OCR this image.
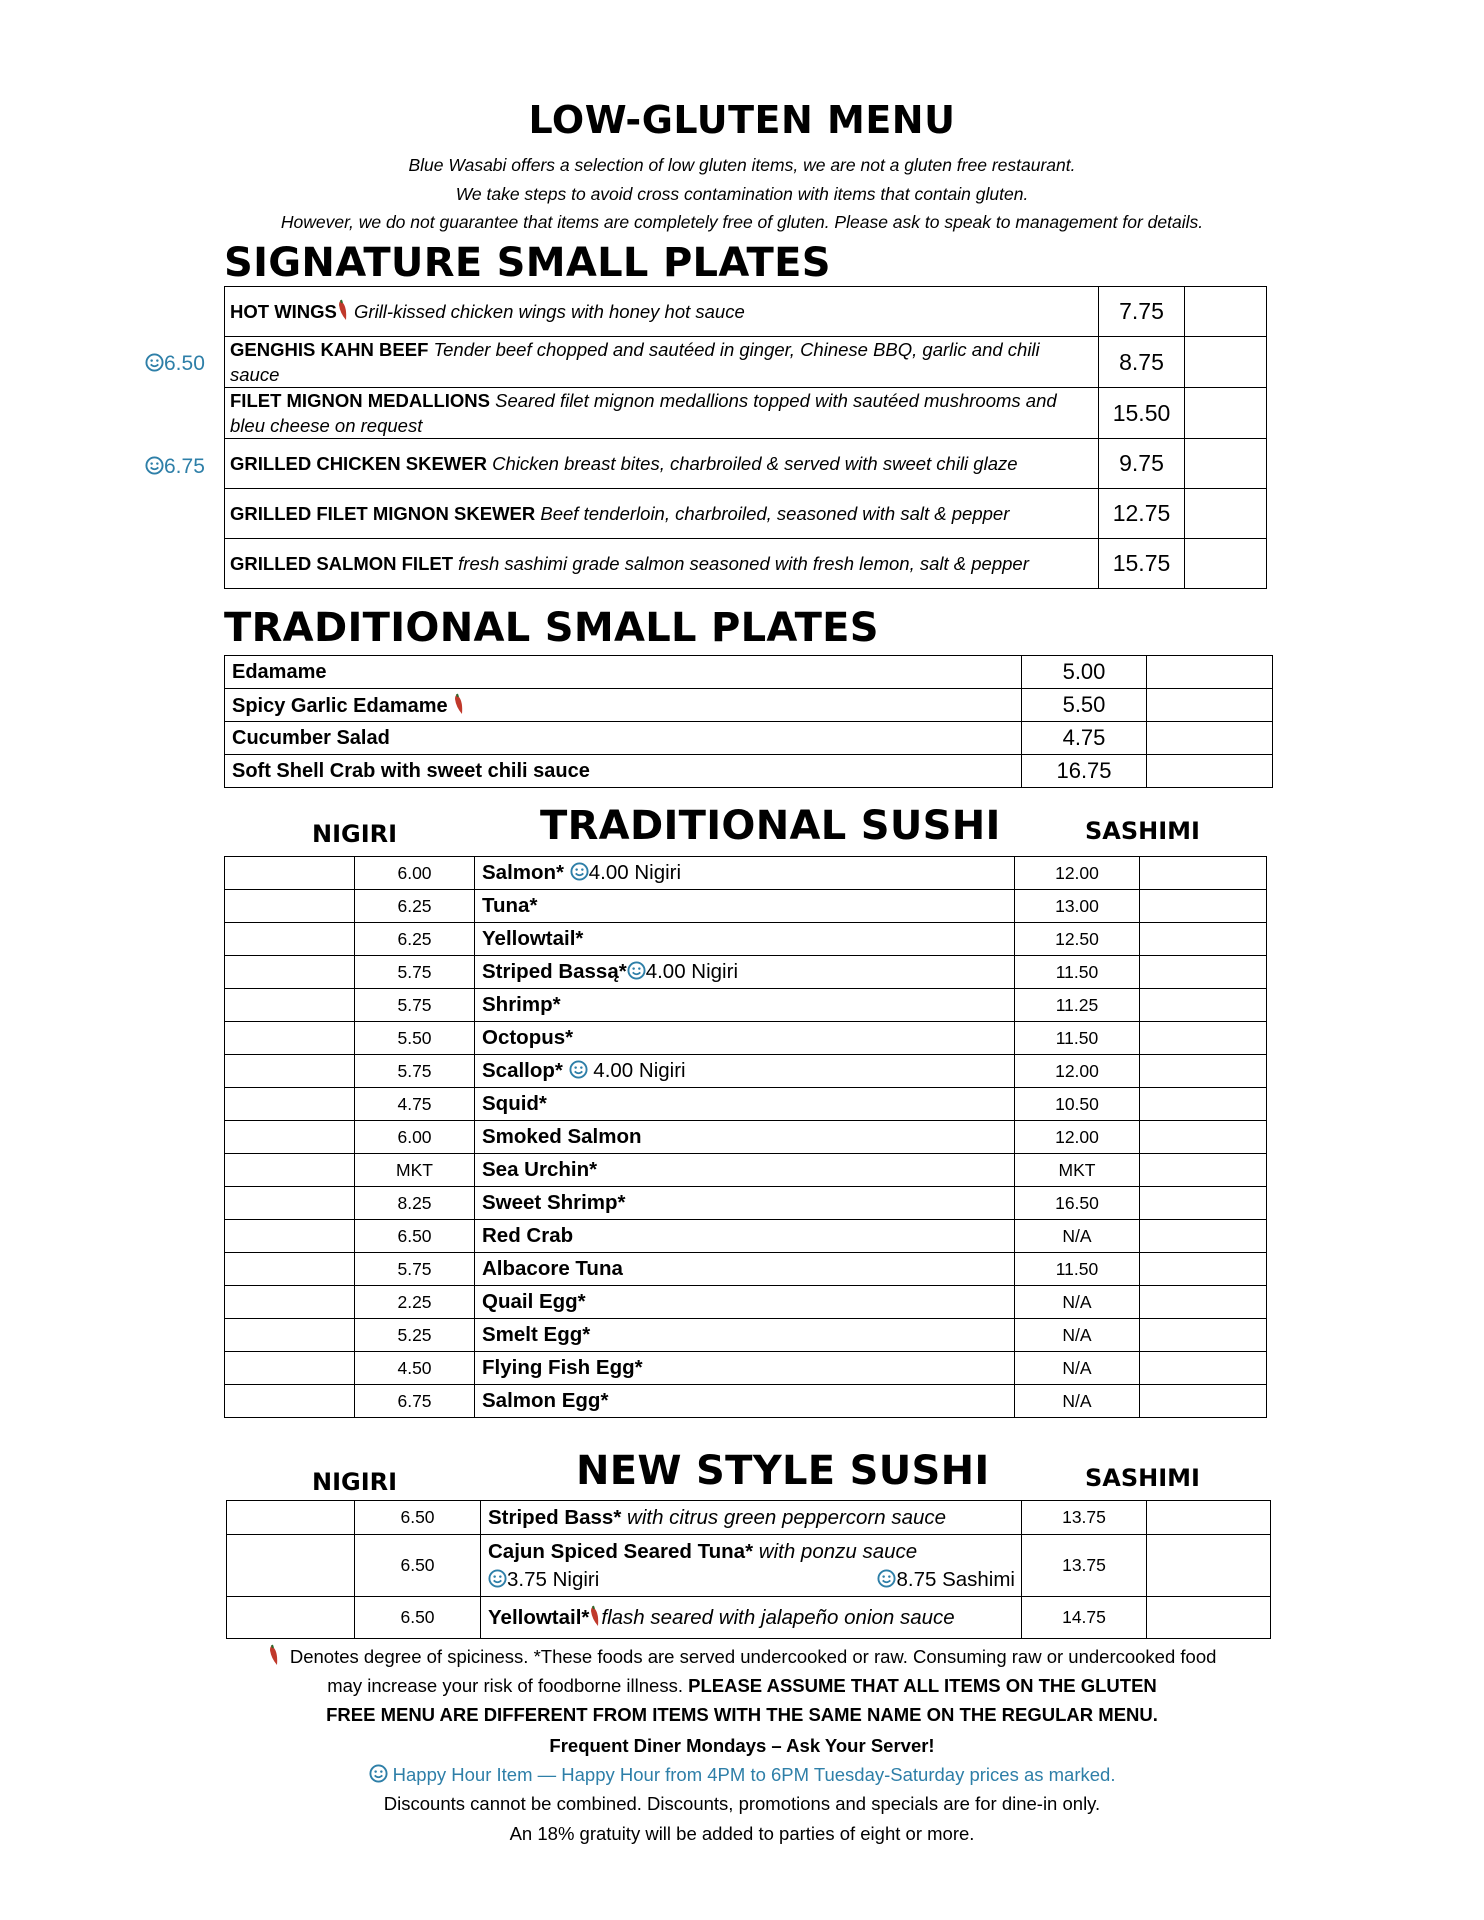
LOW-GLUTEN MENU
Blue Wasabi offers a selection of low gluten items, we are not a gluten free restaurant.
We take steps to avoid cross contamination with items that contain gluten.
However, we do not guarantee that items are completely free of gluten. Please ask to speak to management for details.
SIGNATURE SMALL PLATES
6.50
6.75
HOT WINGS Grill-kissed chicken wings with honey hot sauce	7.75	
GENGHIS KAHN BEEF Tender beef chopped and sautéed in ginger, Chinese BBQ, garlic and chili sauce	8.75	
FILET MIGNON MEDALLIONS Seared filet mignon medallions topped with sautéed mushrooms and bleu cheese on request	15.50	
GRILLED CHICKEN SKEWER Chicken breast bites, charbroiled & served with sweet chili glaze	9.75	
GRILLED FILET MIGNON SKEWER Beef tenderloin, charbroiled, seasoned with salt & pepper	12.75	
GRILLED SALMON FILET fresh sashimi grade salmon seasoned with fresh lemon, salt & pepper	15.75	
TRADITIONAL SMALL PLATES
Edamame	5.00	
Spicy Garlic Edamame	5.50	
Cucumber Salad	4.75	
Soft Shell Crab with sweet chili sauce	16.75	
NIGIRI	TRADITIONAL SUSHI	SASHIMI
	6.00	Salmon* 4.00 Nigiri	12.00	
	6.25	Tuna*	13.00	
	6.25	Yellowtail*	12.50	
	5.75	Striped Bassą* 4.00 Nigiri	11.50	
	5.75	Shrimp*	11.25	
	5.50	Octopus*	11.50	
	5.75	Scallop* 4.00 Nigiri	12.00	
	4.75	Squid*	10.50	
	6.00	Smoked Salmon	12.00	
	MKT	Sea Urchin*	MKT	
	8.25	Sweet Shrimp*	16.50	
	6.50	Red Crab	N/A	
	5.75	Albacore Tuna	11.50	
	2.25	Quail Egg*	N/A	
	5.25	Smelt Egg*	N/A	
	4.50	Flying Fish Egg*	N/A	
	6.75	Salmon Egg*	N/A	
NIGIRI	NEW STYLE SUSHI	SASHIMI
	6.50	Striped Bass* with citrus green peppercorn sauce	13.75	
	6.50	Cajun Spiced Seared Tuna* with ponzu sauce
3.75 Nigiri 8.75 Sashimi	13.75	
	6.50	Yellowtail* flash seared with jalapeño onion sauce	14.75	
Denotes degree of spiciness. *These foods are served undercooked or raw. Consuming raw or undercooked food
may increase your risk of foodborne illness. PLEASE ASSUME THAT ALL ITEMS ON THE GLUTEN
FREE MENU ARE DIFFERENT FROM ITEMS WITH THE SAME NAME ON THE REGULAR MENU.
Frequent Diner Mondays – Ask Your Server!
Happy Hour Item — Happy Hour from 4PM to 6PM Tuesday-Saturday prices as marked.
Discounts cannot be combined. Discounts, promotions and specials are for dine-in only.
An 18% gratuity will be added to parties of eight or more.
